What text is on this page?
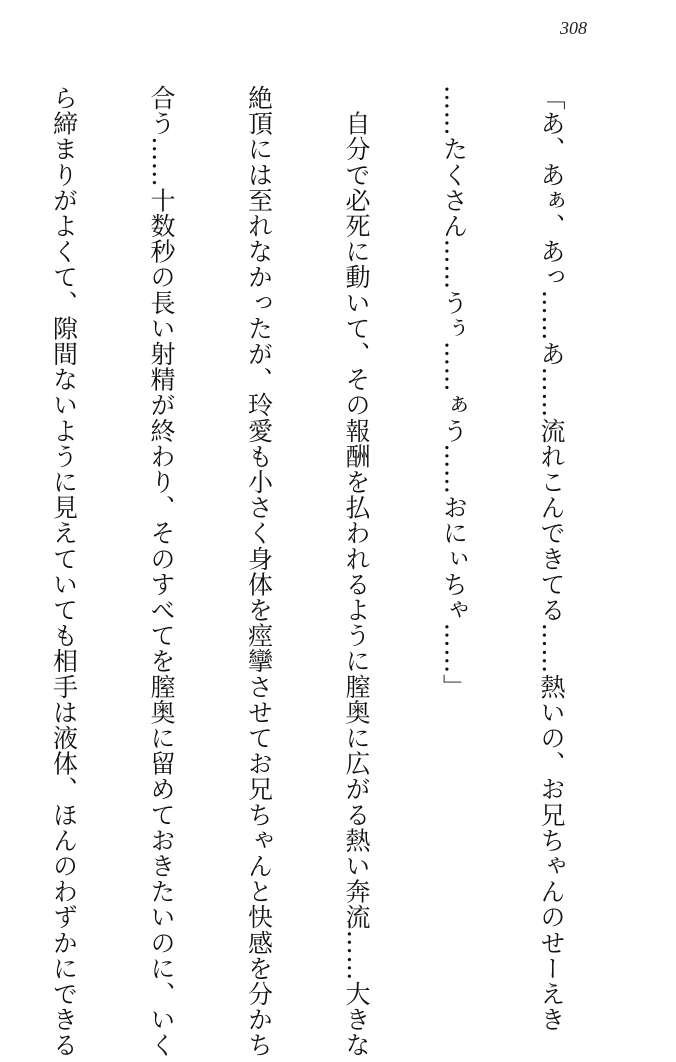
308

「あ、あぁ、あっ……あ……流れこんできてる……熱いの、お兄ちゃんのせーえき

……たくさん……うぅ……ぁう……おにぃちゃ……」

　自分で必死に動いて、その報酬を払われるように膣奥に広がる熱い奔流……大きな

絶頂には至れなかったが、玲愛も小さく身体を痙攣させてお兄ちゃんと快感を分かち

合う……十数秒の長い射精が終わり、そのすべてを膣奥に留めておきたいのに、いく

ら締まりがよくて、隙間ないように見えていても相手は液体、ほんのわずかにできる
